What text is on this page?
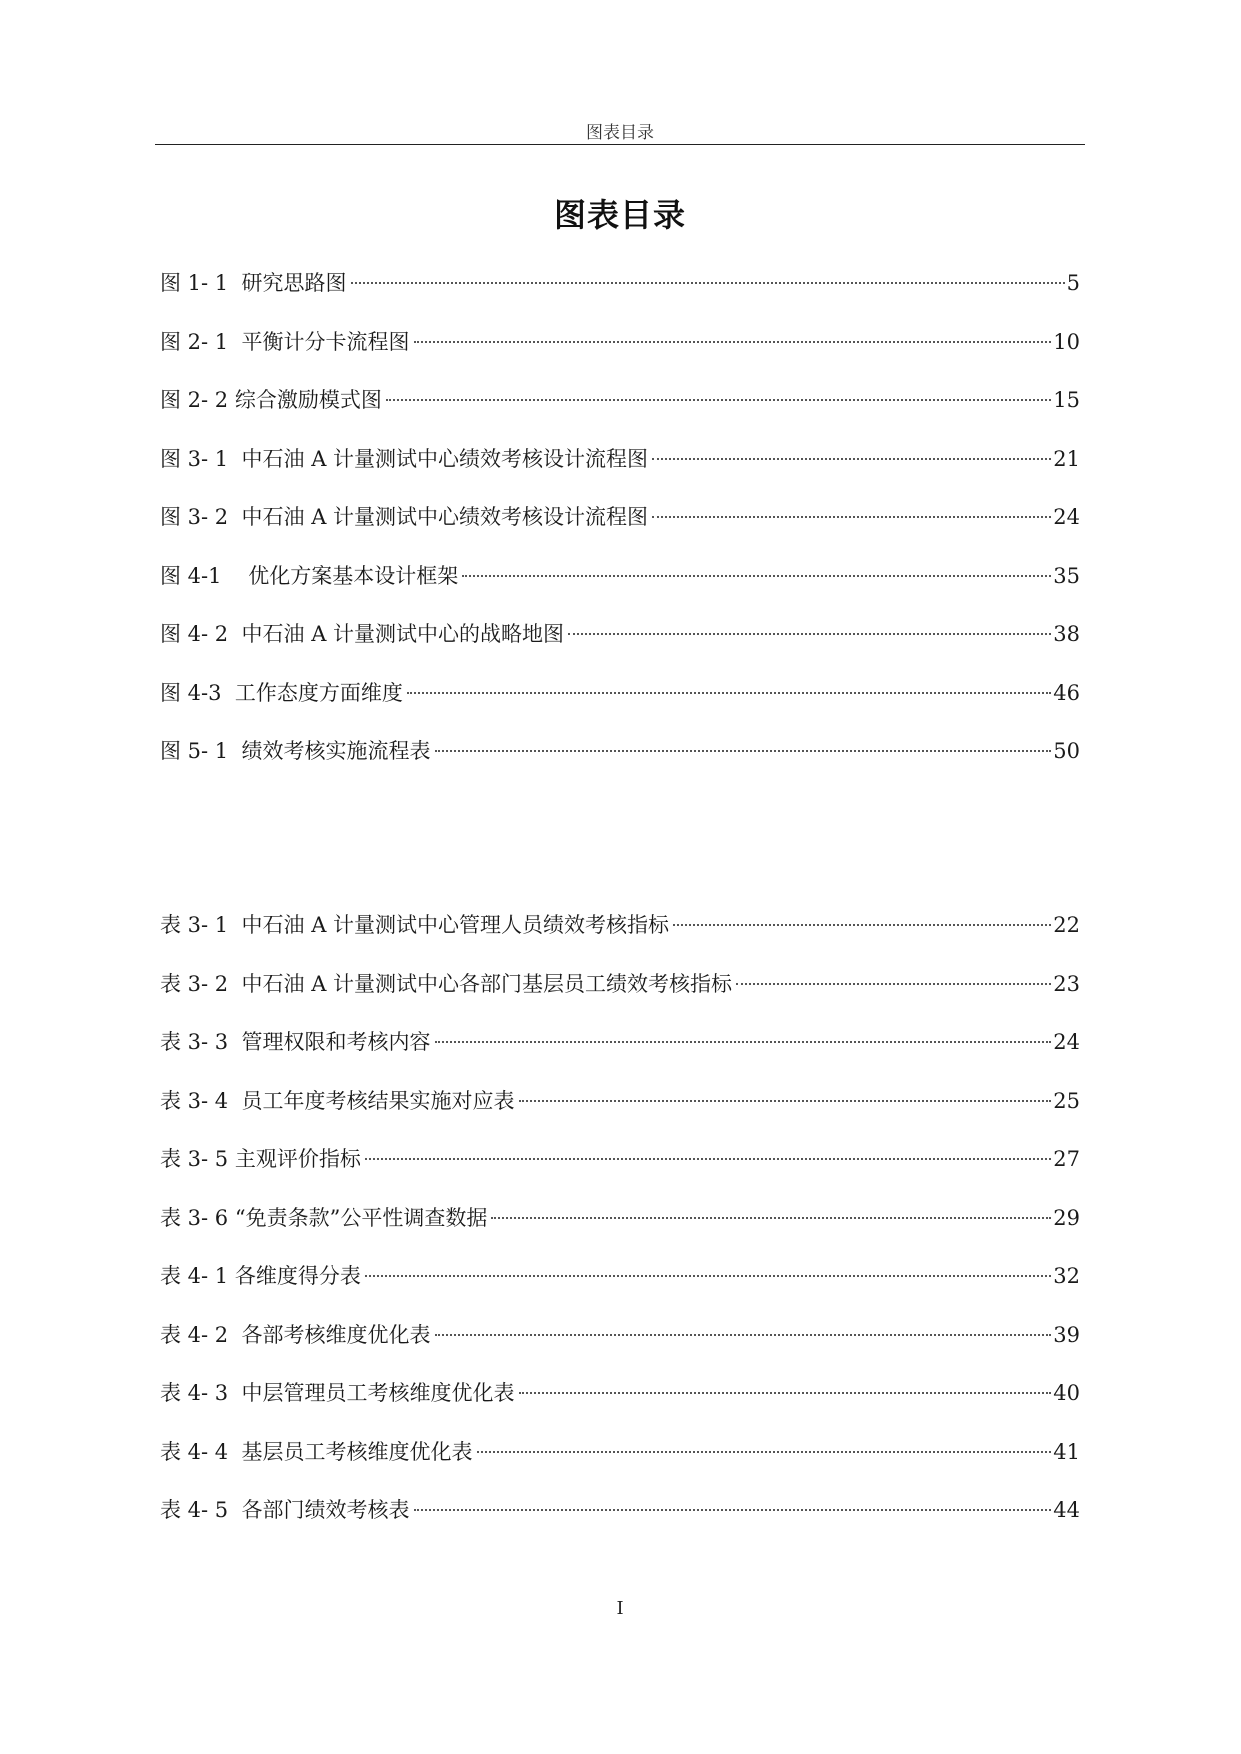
图表目录
图表目录
图 1- 1  研究思路图	5
图 2- 1  平衡计分卡流程图	10
图 2- 2 综合激励模式图	15
图 3- 1  中石油 A 计量测试中心绩效考核设计流程图	21
图 3- 2  中石油 A 计量测试中心绩效考核设计流程图	24
图 4-1    优化方案基本设计框架	35
图 4- 2  中石油 A 计量测试中心的战略地图	38
图 4-3  工作态度方面维度	46
图 5- 1  绩效考核实施流程表	50
表 3- 1  中石油 A 计量测试中心管理人员绩效考核指标	22
表 3- 2  中石油 A 计量测试中心各部门基层员工绩效考核指标	23
表 3- 3  管理权限和考核内容	24
表 3- 4  员工年度考核结果实施对应表	25
表 3- 5 主观评价指标	27
表 3- 6 “免责条款”公平性调查数据	29
表 4- 1 各维度得分表	32
表 4- 2  各部考核维度优化表	39
表 4- 3  中层管理员工考核维度优化表	40
表 4- 4  基层员工考核维度优化表	41
表 4- 5  各部门绩效考核表	44
I
